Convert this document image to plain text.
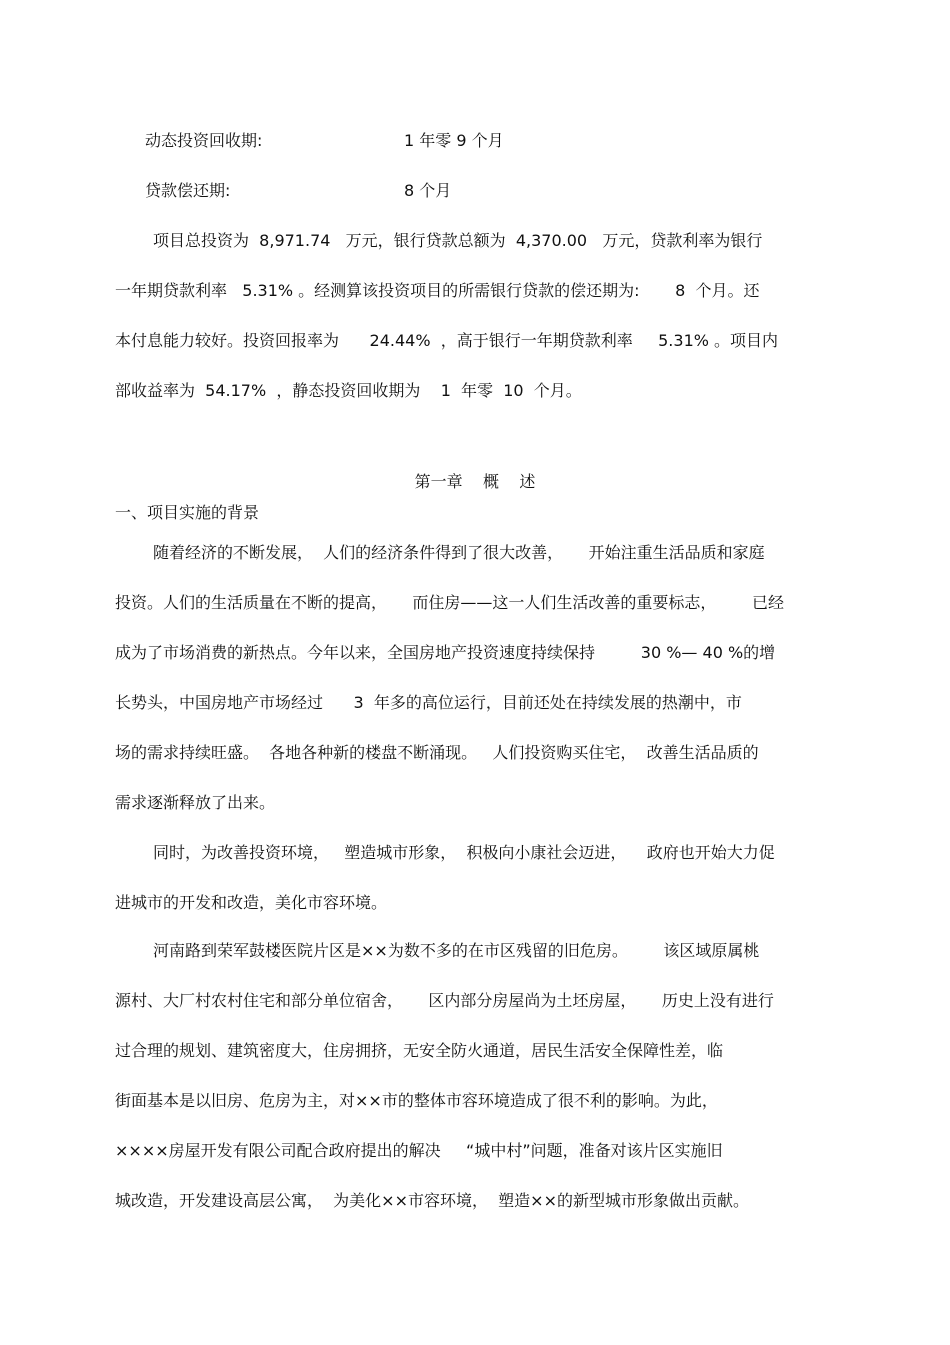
动态投资回收期:	1 年零 9 个月
贷款偿还期:	8 个月
项目总投资为  8,971.74   万元，银行贷款总额为  4,370.00   万元，贷款利率为银行
一年期贷款利率   5.31% 。经测算该投资项目的所需银行贷款的偿还期为:       8  个月。还
本付息能力较好。投资回报率为      24.44%  ，高于银行一年期贷款利率     5.31% 。项目内
部收益率为  54.17%  ，静态投资回收期为    1  年零  10  个月。
第一章    概    述
一、项目实施的背景
随着经济的不断发展，  人们的经济条件得到了很大改善，     开始注重生活品质和家庭
投资。人们的生活质量在不断的提高，     而住房——这一人们生活改善的重要标志，       已经
成为了市场消费的新热点。今年以来，全国房地产投资速度持续保持         30 %— 40 %的增
长势头，中国房地产市场经过      3  年多的高位运行，目前还处在持续发展的热潮中，市
场的需求持续旺盛。  各地各种新的楼盘不断涌现。   人们投资购买住宅，  改善生活品质的
需求逐渐释放了出来。
同时，为改善投资环境，   塑造城市形象，  积极向小康社会迈进，    政府也开始大力促
进城市的开发和改造，美化市容环境。
河南路到荣军鼓楼医院片区是××为数不多的在市区残留的旧危房。       该区域原属桃
源村、大厂村农村住宅和部分单位宿舍，     区内部分房屋尚为土坯房屋，     历史上没有进行
过合理的规划、建筑密度大，住房拥挤，无安全防火通道，居民生活安全保障性差，临
街面基本是以旧房、危房为主，对××市的整体市容环境造成了很不利的影响。为此，
××××房屋开发有限公司配合政府提出的解决     “城中村”问题，准备对该片区实施旧
城改造，开发建设高层公寓，  为美化××市容环境，  塑造××的新型城市形象做出贡献。
